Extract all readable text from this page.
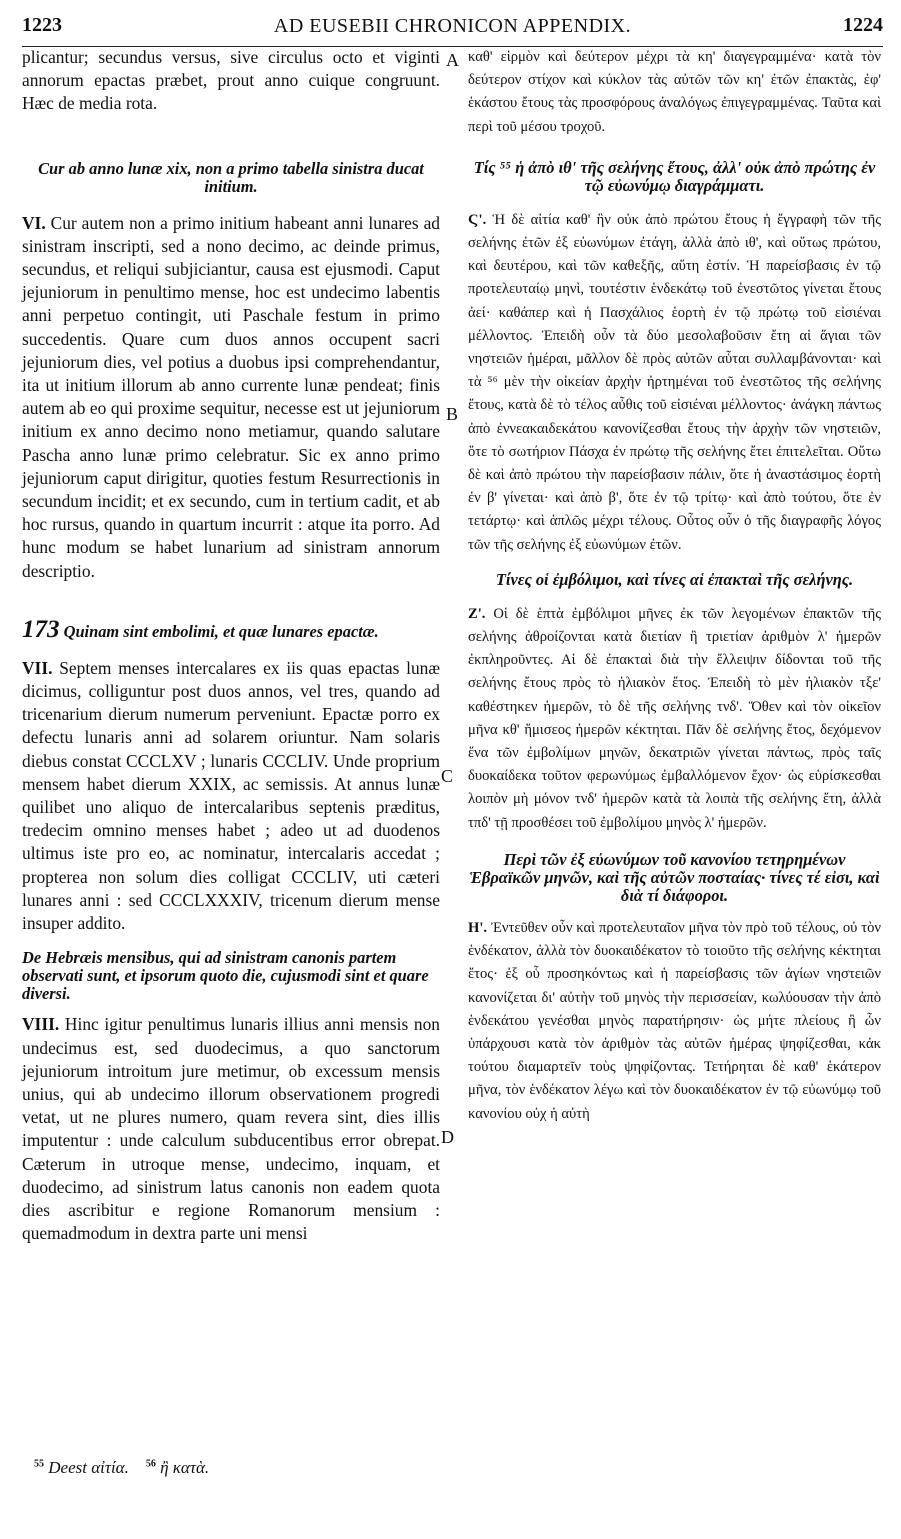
1223	AD EUSEBII CHRONICON APPENDIX.	1224
A
B
C
D

plicantur; secundus versus, sive circulus octo et viginti annorum epactas præbet, prout anno cuique congruunt. Hæc de media rota.

Cur ab anno lunæ xix, non a primo tabella sinistra ducat initium.

VI. Cur autem non a primo initium habeant anni lunares ad sinistram inscripti, sed a nono decimo, ac deinde primus, secundus, et reliqui subjiciantur, causa est ejusmodi. Caput jejuniorum in penultimo mense, hoc est undecimo labentis anni perpetuo contingit, uti Paschale festum in primo succedentis. Quare cum duos annos occupent sacri jejuniorum dies, vel potius a duobus ipsi comprehendantur, ita ut initium illorum ab anno currente lunæ pendeat; finis autem ab eo qui proxime sequitur, necesse est ut jejuniorum initium ex anno decimo nono metiamur, quando salutare Pascha anno lunæ primo celebratur. Sic ex anno primo jejuniorum caput dirigitur, quoties festum Resurrectionis in secundum incidit; et ex secundo, cum in tertium cadit, et ab hoc rursus, quando in quartum incurrit : atque ita porro. Ad hunc modum se habet lunarium ad sinistram annorum descriptio.

173 Quinam sint embolimi, et quæ lunares epactæ.

VII. Septem menses intercalares ex iis quas epactas lunæ dicimus, colliguntur post duos annos, vel tres, quando ad tricenarium dierum numerum perveniunt. Epactæ porro ex defectu lunaris anni ad solarem oriuntur. Nam solaris diebus constat CCCLXV ; lunaris CCCLIV. Unde proprium mensem habet dierum XXIX, ac semissis. At annus lunæ quilibet uno aliquo de intercalaribus septenis præditus, tredecim omnino menses habet ; adeo ut ad duodenos ultimus iste pro eo, ac nominatur, intercalaris accedat ; propterea non solum dies colligat CCCLIV, uti cæteri lunares anni : sed CCCLXXXIV, tricenum dierum mense insuper addito.

De Hebræis mensibus, qui ad sinistram canonis partem observati sunt, et ipsorum quoto die, cujusmodi sint et quare diversi.

VIII. Hinc igitur penultimus lunaris illius anni mensis non undecimus est, sed duodecimus, a quo sanctorum jejuniorum introitum jure metimur, ob excessum mensis unius, qui ab undecimo illorum observationem progredi vetat, ut ne plures numero, quam revera sint, dies illis imputentur : unde calculum subducentibus error obrepat. Cæterum in utroque mense, undecimo, inquam, et duodecimo, ad sinistrum latus canonis non eadem quota dies ascribitur e regione Romanorum mensium : quemadmodum in dextra parte uni mensi

καθ' εἱρμὸν καὶ δεύτερον μέχρι τὰ κη' διαγεγραμμένα· κατὰ τὸν δεύτερον στίχον καὶ κύκλον τὰς αὐτῶν τῶν κη' ἐτῶν ἐπακτὰς, ἐφ' ἑκάστου ἔτους τὰς προσφόρους ἀναλόγως ἐπιγεγραμμένας. Ταῦτα καὶ περὶ τοῦ μέσου τροχοῦ.

Τίς ⁵⁵ ἡ ἀπὸ ιθ' τῆς σελήνης ἔτους, ἀλλ' οὐκ ἀπὸ πρώτης ἐν τῷ εὐωνύμῳ διαγράμματι.

Ϛ'. Ἡ δὲ αἰτία καθ' ἣν οὐκ ἀπὸ πρώτου ἔτους ἡ ἔγγραφὴ τῶν τῆς σελήνης ἐτῶν ἐξ εὐωνύμων ἐτάγη, ἀλλὰ ἀπὸ ιθ', καὶ οὕτως πρώτου, καὶ δευτέρου, καὶ τῶν καθεξῆς, αὕτη ἐστίν. Ἡ παρείσβασις ἐν τῷ προτελευταίῳ μηνὶ, τουτέστιν ἑνδεκάτῳ τοῦ ἐνεστῶτος γίνεται ἔτους ἀεί· καθάπερ καὶ ἡ Πασχάλιος ἑορτὴ ἐν τῷ πρώτῳ τοῦ εἰσιέναι μέλλοντος. Ἐπειδὴ οὖν τὰ δύο μεσολαβοῦσιν ἔτη αἱ ἅγιαι τῶν νηστειῶν ἡμέραι, μᾶλλον δὲ πρὸς αὐτῶν αὗται συλλαμβάνονται· καὶ τὰ ⁵⁶ μὲν τὴν οἰκείαν ἀρχὴν ἠρτημέναι τοῦ ἐνεστῶτος τῆς σελήνης ἔτους, κατὰ δὲ τὸ τέλος αὖθις τοῦ εἰσιέναι μέλλοντος· ἀνάγκη πάντως ἀπὸ ἐννεακαιδεκάτου κανονίζεσθαι ἔτους τὴν ἀρχὴν τῶν νηστειῶν, ὅτε τὸ σωτήριον Πάσχα ἐν πρώτῳ τῆς σελήνης ἔτει ἐπιτελεῖται. Οὕτω δὲ καὶ ἀπὸ πρώτου τὴν παρείσβασιν πάλιν, ὅτε ἡ ἀναστάσιμος ἑορτὴ ἐν β' γίνεται· καὶ ἀπὸ β', ὅτε ἐν τῷ τρίτῳ· καὶ ἀπὸ τούτου, ὅτε ἐν τετάρτῳ· καὶ ἁπλῶς μέχρι τέλους. Οὗτος οὖν ὁ τῆς διαγραφῆς λόγος τῶν τῆς σελήνης ἐξ εὐωνύμων ἐτῶν.

Τίνες οἱ ἐμβόλιμοι, καὶ τίνες αἱ ἐπακταὶ τῆς σελήνης.

Ζ'. Οἱ δὲ ἑπτὰ ἐμβόλιμοι μῆνες ἐκ τῶν λεγομένων ἐπακτῶν τῆς σελήνης ἀθροίζονται κατὰ διετίαν ἢ τριετίαν ἀριθμὸν λ' ἡμερῶν ἐκπληροῦντες. Αἱ δὲ ἐπακταὶ διὰ τὴν ἔλλειψιν δίδονται τοῦ τῆς σελήνης ἔτους πρὸς τὸ ἡλιακὸν ἔτος. Ἐπειδὴ τὸ μὲν ἡλιακὸν τξε' καθέστηκεν ἡμερῶν, τὸ δὲ τῆς σελήνης τνδ'. Ὅθεν καὶ τὸν οἰκεῖον μῆνα κθ' ἥμισεος ἡμερῶν κέκτηται. Πᾶν δὲ σελήνης ἔτος, δεχόμενον ἕνα τῶν ἐμβολίμων μηνῶν, δεκατριῶν γίνεται πάντως, πρὸς ταῖς δυοκαίδεκα τοῦτον φερωνύμως ἐμβαλλόμενον ἔχον· ὡς εὑρίσκεσθαι λοιπὸν μὴ μόνον τνδ' ἡμερῶν κατὰ τὰ λοιπὰ τῆς σελήνης ἔτη, ἀλλὰ τπδ' τῇ προσθέσει τοῦ ἐμβολίμου μηνὸς λ' ἡμερῶν.

Περὶ τῶν ἐξ εὐωνύμων τοῦ κανονίου τετηρημένων Ἑβραϊκῶν μηνῶν, καὶ τῆς αὐτῶν ποσταίας· τίνες τέ εἰσι, καὶ διὰ τί διάφοροι.

Η'. Ἐντεῦθεν οὖν καὶ προτελευταῖον μῆνα τὸν πρὸ τοῦ τέλους, οὐ τὸν ἑνδέκατον, ἀλλὰ τὸν δυοκαιδέκατον τὸ τοιοῦτο τῆς σελήνης κέκτηται ἔτος· ἐξ οὗ προσηκόντως καὶ ἡ παρείσβασις τῶν ἁγίων νηστειῶν κανονίζεται δι' αὐτὴν τοῦ μηνὸς τὴν περισσείαν, κωλύουσαν τὴν ἀπὸ ἑνδεκάτου γενέσθαι μηνὸς παρατήρησιν· ὡς μήτε πλείους ἢ ὧν ὑπάρχουσι κατὰ τὸν ἀριθμὸν τὰς αὐτῶν ἡμέρας ψηφίζεσθαι, κἀκ τούτου διαμαρτεῖν τοὺς ψηφίζοντας. Τετήρηται δὲ καθ' ἑκάτερον μῆνα, τὸν ἑνδέκατον λέγω καὶ τὸν δυοκαιδέκατον ἐν τῷ εὐωνύμῳ τοῦ κανονίου οὐχ ἡ αὐτὴ

$^{55}$ Deest αἰτία. $^{56}$ ἢ κατὰ.
